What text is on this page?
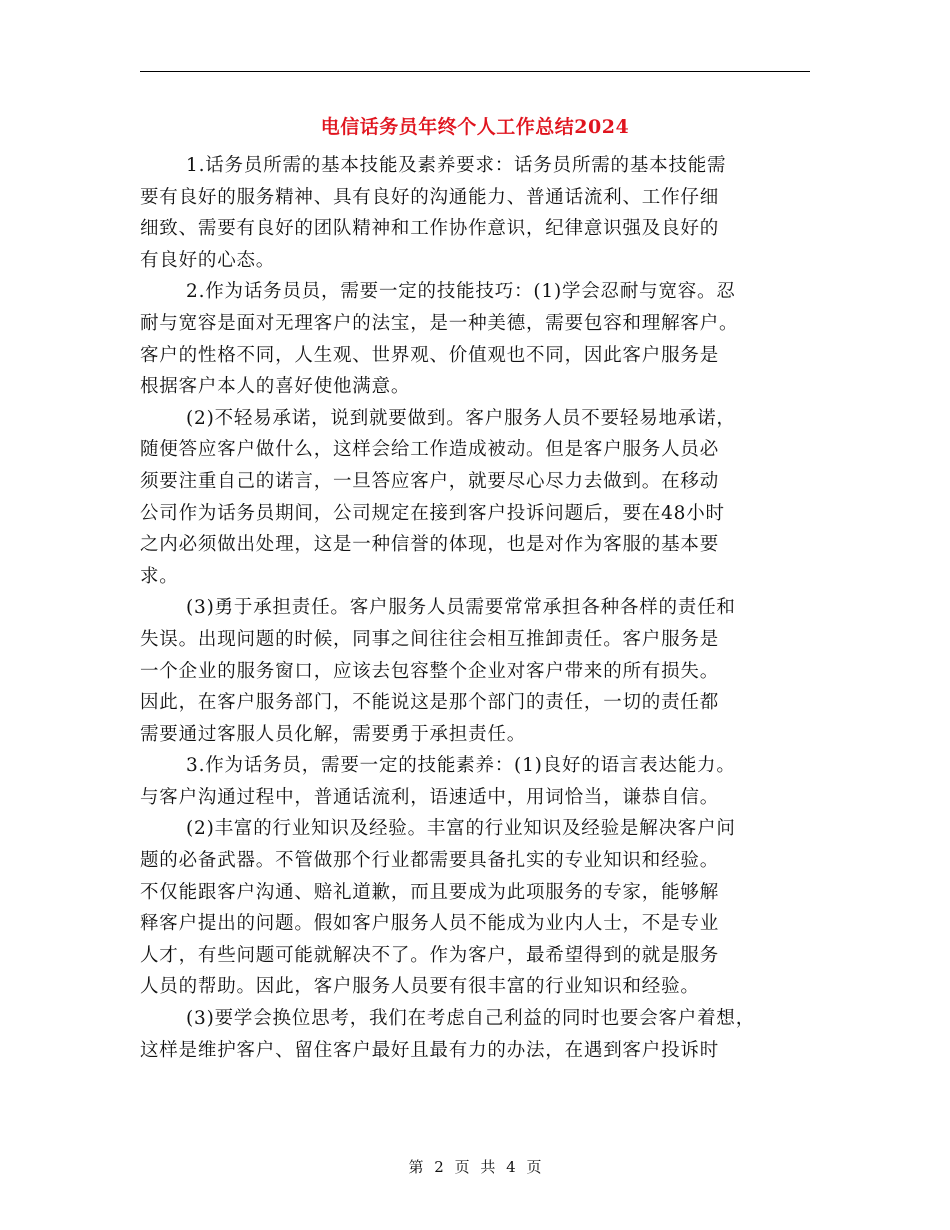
电信话务员年终个人工作总结2024
1.话务员所需的基本技能及素养要求：话务员所需的基本技能需
要有良好的服务精神、具有良好的沟通能力、普通话流利、工作仔细
细致、需要有良好的团队精神和工作协作意识，纪律意识强及良好的
有良好的心态。
2.作为话务员员，需要一定的技能技巧：(1)学会忍耐与宽容。忍
耐与宽容是面对无理客户的法宝，是一种美德，需要包容和理解客户。
客户的性格不同，人生观、世界观、价值观也不同，因此客户服务是
根据客户本人的喜好使他满意。
(2)不轻易承诺，说到就要做到。客户服务人员不要轻易地承诺，
随便答应客户做什么，这样会给工作造成被动。但是客户服务人员必
须要注重自己的诺言，一旦答应客户，就要尽心尽力去做到。在移动
公司作为话务员期间，公司规定在接到客户投诉问题后，要在48小时
之内必须做出处理，这是一种信誉的体现，也是对作为客服的基本要
求。
(3)勇于承担责任。客户服务人员需要常常承担各种各样的责任和
失误。出现问题的时候，同事之间往往会相互推卸责任。客户服务是
一个企业的服务窗口，应该去包容整个企业对客户带来的所有损失。
因此，在客户服务部门，不能说这是那个部门的责任，一切的责任都
需要通过客服人员化解，需要勇于承担责任。
3.作为话务员，需要一定的技能素养：(1)良好的语言表达能力。
与客户沟通过程中，普通话流利，语速适中，用词恰当，谦恭自信。
(2)丰富的行业知识及经验。丰富的行业知识及经验是解决客户问
题的必备武器。不管做那个行业都需要具备扎实的专业知识和经验。
不仅能跟客户沟通、赔礼道歉，而且要成为此项服务的专家，能够解
释客户提出的问题。假如客户服务人员不能成为业内人士，不是专业
人才，有些问题可能就解决不了。作为客户，最希望得到的就是服务
人员的帮助。因此，客户服务人员要有很丰富的行业知识和经验。
(3)要学会换位思考，我们在考虑自己利益的同时也要会客户着想，
这样是维护客户、留住客户最好且最有力的办法，在遇到客户投诉时
第 2 页 共 4 页
